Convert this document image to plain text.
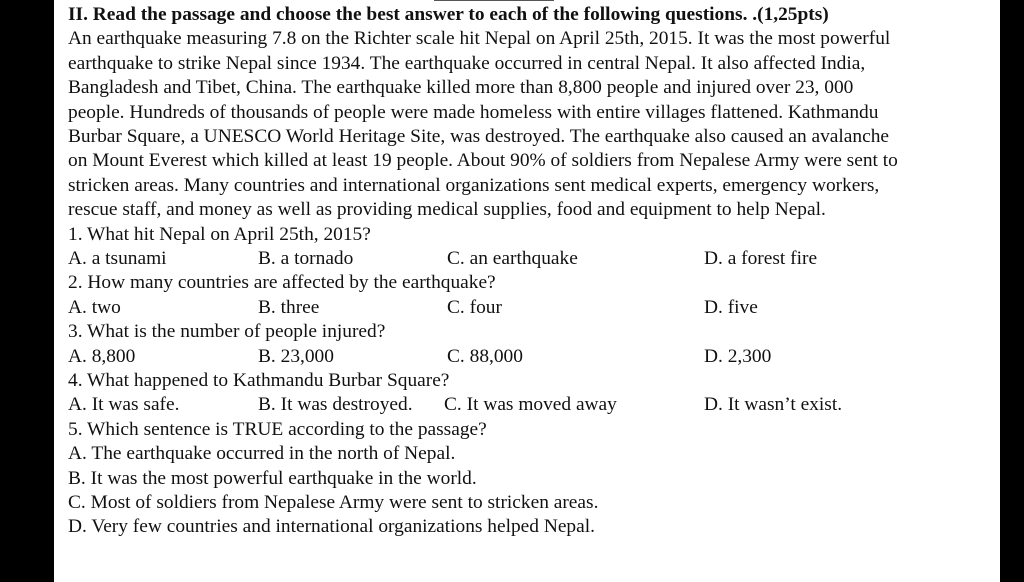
II. Read the passage and choose the best answer to each of the following questions. .(1,25pts)
An earthquake measuring 7.8 on the Richter scale hit Nepal on April 25th, 2015. It was the most powerful
earthquake to strike Nepal since 1934. The earthquake occurred in central Nepal. It also affected India,
Bangladesh and Tibet, China. The earthquake killed more than 8,800 people and injured over 23, 000
people. Hundreds of thousands of people were made homeless with entire villages flattened. Kathmandu
Burbar Square, a UNESCO World Heritage Site, was destroyed. The earthquake also caused an avalanche
on Mount Everest which killed at least 19 people. About 90% of soldiers from Nepalese Army were sent to
stricken areas. Many countries and international organizations sent medical experts, emergency workers,
rescue staff, and money as well as providing medical supplies, food and equipment to help Nepal.
1. What hit Nepal on April 25th, 2015?
A. a tsunami	B. a tornado	C. an earthquake	D. a forest fire
2. How many countries are affected by the earthquake?
A. two	B. three	C. four	D. five
3. What is the number of people injured?
A. 8,800	B. 23,000	C. 88,000	D. 2,300
4. What happened to Kathmandu Burbar Square?
A. It was safe.	B. It was destroyed. C. It was moved away	D. It wasn’t exist.
5. Which sentence is TRUE according to the passage?
A. The earthquake occurred in the north of Nepal.
B. It was the most powerful earthquake in the world.
C. Most of soldiers from Nepalese Army were sent to stricken areas.
D. Very few countries and international organizations helped Nepal.
